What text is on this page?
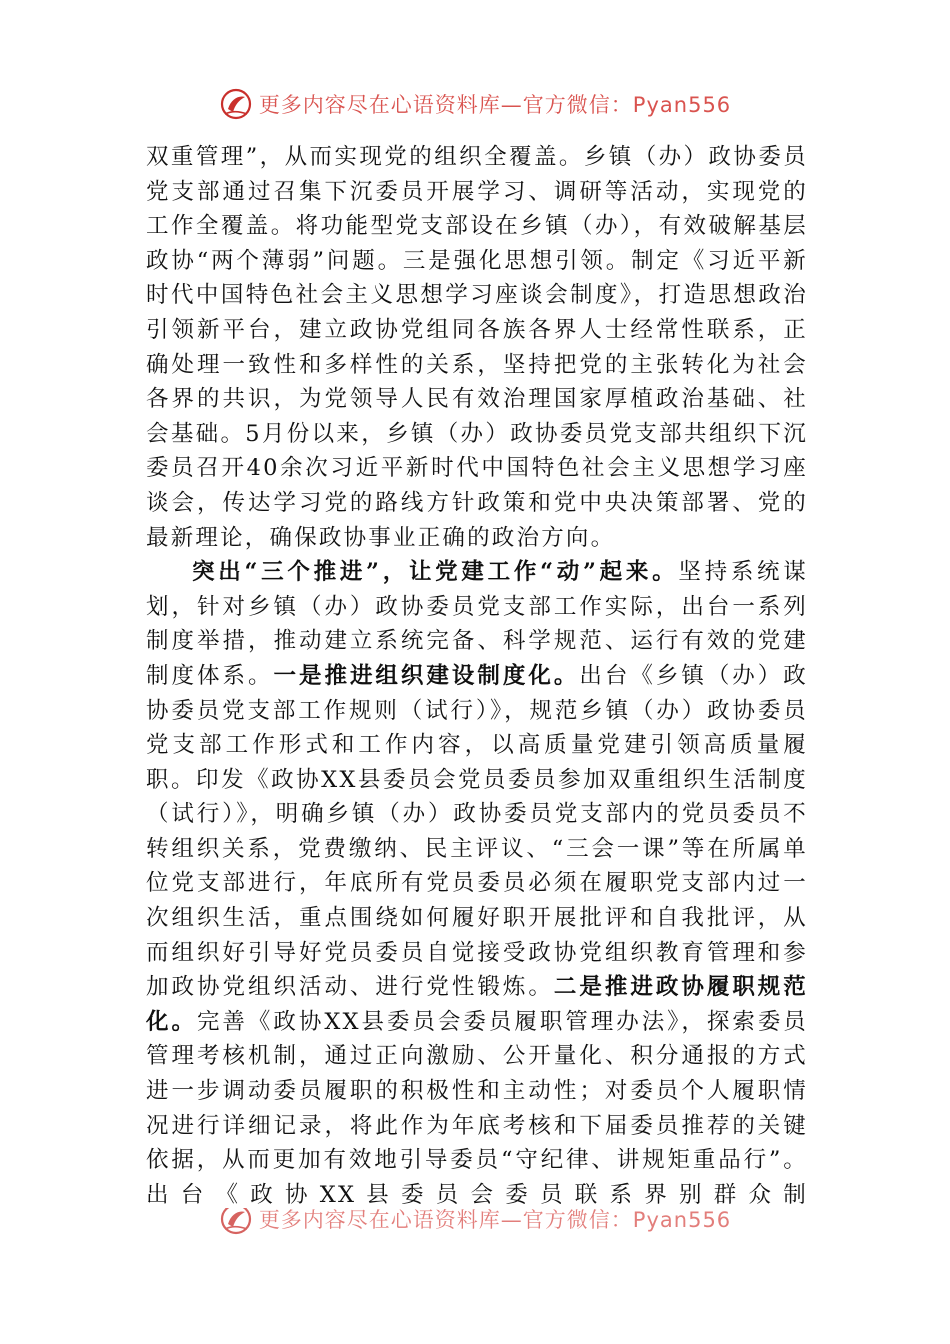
更多内容尽在心语资料库—官方微信：Pyan556

双重管理”，从而实现党的组织全覆盖。乡镇（办）政协委员党支部通过召集下沉委员开展学习、调研等活动，实现党的工作全覆盖。将功能型党支部设在乡镇（办），有效破解基层政协“两个薄弱”问题。三是强化思想引领。制定《习近平新时代中国特色社会主义思想学习座谈会制度》，打造思想政治引领新平台，建立政协党组同各族各界人士经常性联系，正确处理一致性和多样性的关系，坚持把党的主张转化为社会各界的共识，为党领导人民有效治理国家厚植政治基础、社会基础。5月份以来，乡镇（办）政协委员党支部共组织下沉委员召开40余次习近平新时代中国特色社会主义思想学习座谈会，传达学习党的路线方针政策和党中央决策部署、党的最新理论，确保政协事业正确的政治方向。

突出“三个推进”，让党建工作“动”起来。坚持系统谋划，针对乡镇（办）政协委员党支部工作实际，出台一系列制度举措，推动建立系统完备、科学规范、运行有效的党建制度体系。一是推进组织建设制度化。出台《乡镇（办）政协委员党支部工作规则（试行）》，规范乡镇（办）政协委员党支部工作形式和工作内容，以高质量党建引领高质量履职。印发《政协XX县委员会党员委员参加双重组织生活制度（试行）》，明确乡镇（办）政协委员党支部内的党员委员不转组织关系，党费缴纳、民主评议、“三会一课”等在所属单位党支部进行，年底所有党员委员必须在履职党支部内过一次组织生活，重点围绕如何履好职开展批评和自我批评，从而组织好引导好党员委员自觉接受政协党组织教育管理和参加政协党组织活动、进行党性锻炼。二是推进政协履职规范化。完善《政协XX县委员会委员履职管理办法》，探索委员管理考核机制，通过正向激励、公开量化、积分通报的方式进一步调动委员履职的积极性和主动性；对委员个人履职情况进行详细记录，将此作为年底考核和下届委员推荐的关键依据，从而更加有效地引导委员“守纪律、讲规矩重品行”。出台《政协XX县委员会委员联系界别群众制

更多内容尽在心语资料库—官方微信：Pyan556
